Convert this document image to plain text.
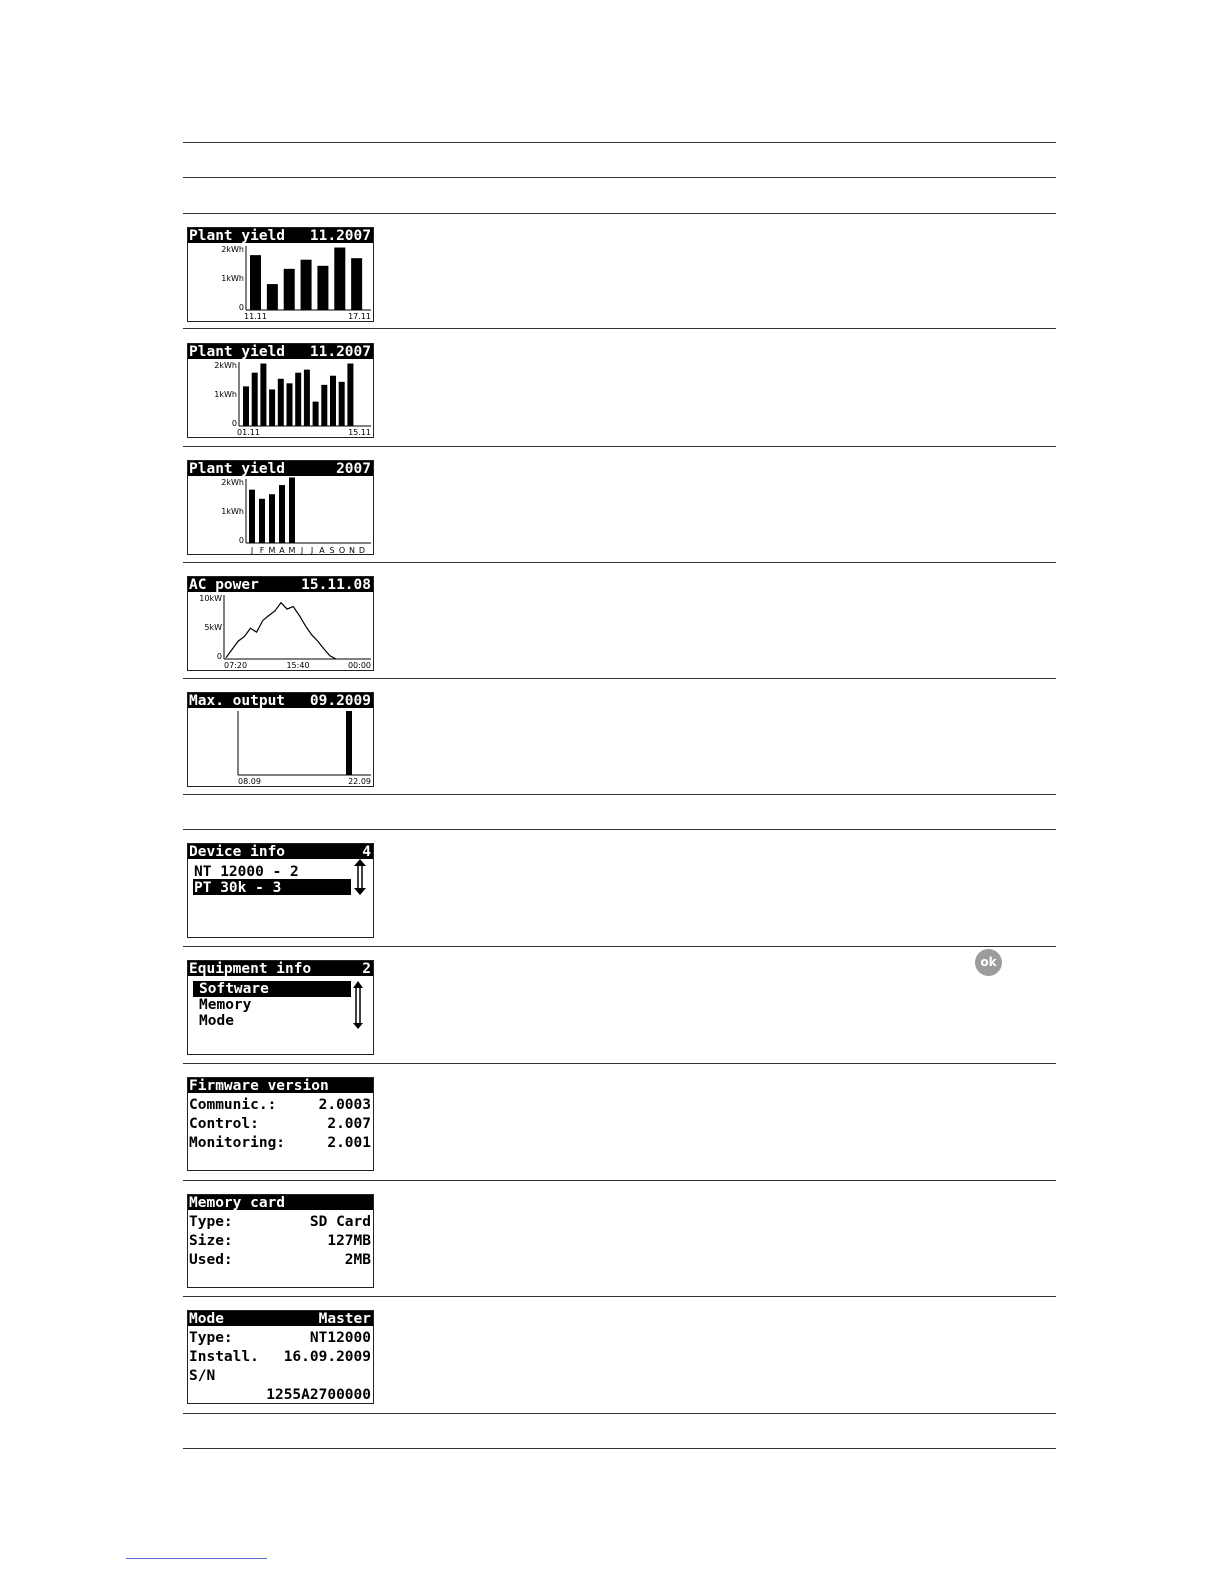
Plant yield 11.2007
2kWh
1kWh
0
11.11	17.11
Plant yield 11.2007
2kWh
1kWh
0
01.11	15.11
Plant yield	2007
2kWh
1kWh
0
J F M A M J J A S O N D
AC power	15.11.08
10kW
5kW
0
07:20	15:40	00:00
Max. output 09.2009
08.09	22.09
Device info	4
NT 12000 - 2
PT 30k - 3
Equipment info	2
Software
Memory
Mode
ok
Firmware version
Communic.:	2.0003
Control:	2.007
Monitoring:	2.001
Memory card
Type:	SD Card
Size:	127MB
Used:	2MB
Mode	Master
Type:	NT12000
Install. 16.09.2009
S/N
1255A2700000
